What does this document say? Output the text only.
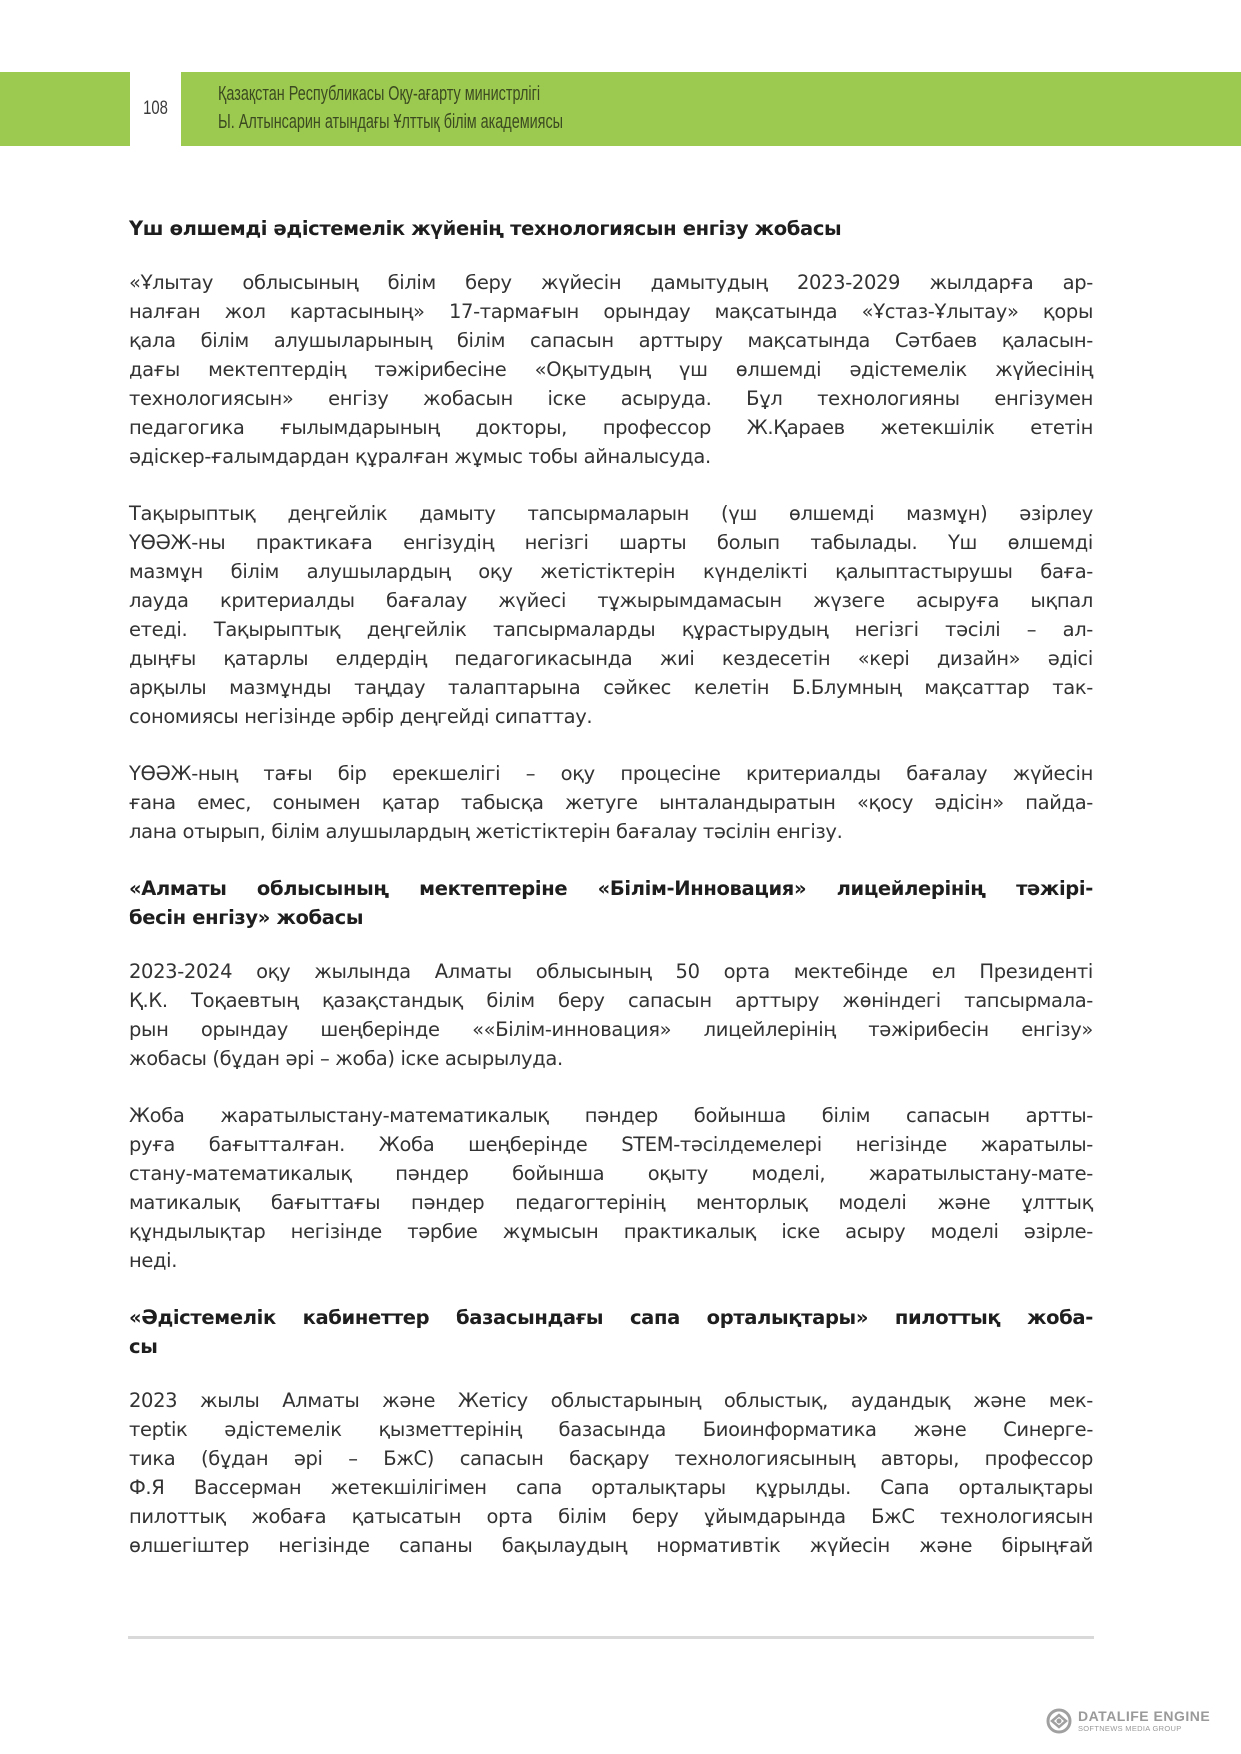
108
Қазақстан Республикасы Оқу-ағарту министрлігі
Ы. Алтынсарин атындағы Ұлттық білім академиясы
Үш өлшемді әдістемелік жүйенің технологиясын енгізу жобасы

«Ұлытау облысының білім беру жүйесін дамытудың 2023-2029 жылдарға ар-
налған жол картасының» 17-тармағын орындау мақсатында «Ұстаз-Ұлытау» қоры
қала білім алушыларының білім сапасын арттыру мақсатында Сәтбаев қаласын-
дағы мектептердің тәжірибесіне «Оқытудың үш өлшемді әдістемелік жүйесінің
технологиясын» енгізу жобасын іске асыруда. Бұл технологияны енгізумен
педагогика ғылымдарының докторы, профессор Ж.Қараев жетекшілік ететін
әдіскер-ғалымдардан құралған жұмыс тобы айналысуда.

Тақырыптық деңгейлік дамыту тапсырмаларын (үш өлшемді мазмұн) әзірлеу
ҮӨӘЖ-ны практикаға енгізудің негізгі шарты болып табылады. Үш өлшемді
мазмұн білім алушылардың оқу жетістіктерін күнделікті қалыптастырушы баға-
лауда критериалды бағалау жүйесі тұжырымдамасын жүзеге асыруға ықпал
етеді. Тақырыптық деңгейлік тапсырмаларды құрастырудың негізгі тәсілі – ал-
дыңғы қатарлы елдердің педагогикасында жиі кездесетін «кері дизайн» әдісі
арқылы мазмұнды таңдау талаптарына сәйкес келетін Б.Блумның мақсаттар так-
сономиясы негізінде әрбір деңгейді сипаттау.

ҮӨӘЖ-ның тағы бір ерекшелігі – оқу процесіне критериалды бағалау жүйесін
ғана емес, сонымен қатар табысқа жетуге ынталандыратын «қосу әдісін» пайда-
лана отырып, білім алушылардың жетістіктерін бағалау тәсілін енгізу.

«Алматы облысының мектептеріне «Білім-Инновация» лицейлерінің тәжірі-
бесін енгізу» жобасы

2023-2024 оқу жылында Алматы облысының 50 орта мектебінде ел Президенті
Қ.К. Тоқаевтың қазақстандық білім беру сапасын арттыру жөніндегі тапсырмала-
рын орындау шеңберінде ««Білім-инновация» лицейлерінің тәжірибесін енгізу»
жобасы (бұдан әрі – жоба) іске асырылуда.

Жоба жаратылыстану-математикалық пәндер бойынша білім сапасын артты-
руға бағытталған. Жоба шеңберінде STEM-тәсілдемелері негізінде жаратылы-
стану-математикалық пәндер бойынша оқыту моделі, жаратылыстану-мате-
матикалық бағыттағы пәндер педагогтерінің менторлық моделі және ұлттық
құндылықтар негізінде тәрбие жұмысын практикалық іске асыру моделі әзірле-
неді.

«Әдістемелік кабинеттер базасындағы сапа орталықтары» пилоттық жоба-
сы

2023 жылы Алматы және Жетісу облыстарының облыстық, аудандық және мек-
теptік әдістемелік қызметтерінің базасында Биоинформатика және Синерге-
тика (бұдан әрі – БжС) сапасын басқару технологиясының авторы, профессор
Ф.Я Вассерман жетекшілігімен сапа орталықтары құрылды. Сапа орталықтары
пилоттық жобаға қатысатын орта білім беру ұйымдарында БжС технологиясын
өлшегіштер негізінде сапаны бақылаудың нормативтік жүйесін және бірыңғай

DATALIFE ENGINE
SOFTNEWS MEDIA GROUP
